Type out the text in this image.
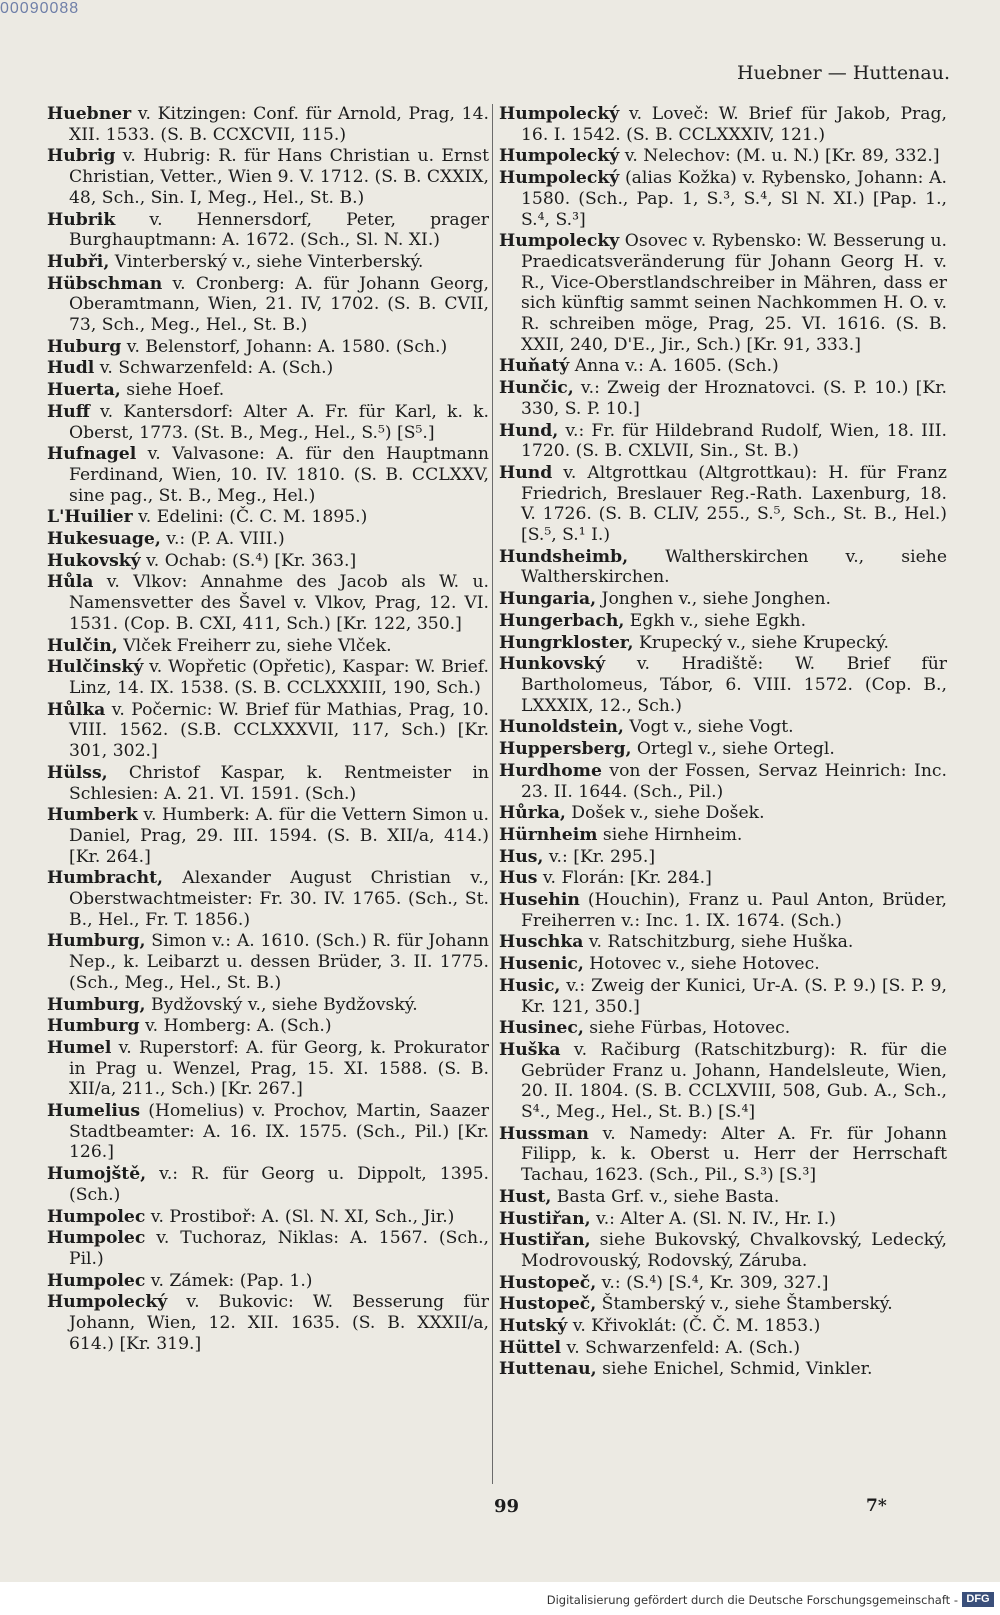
00090088
Huebner — Huttenau.

Huebner v. Kitzingen: Conf. für Arnold, Prag, 14. XII. 1533. (S. B. CCXCVII, 115.)

Hubrig v. Hubrig: R. für Hans Christian u. Ernst Christian, Vetter., Wien 9. V. 1712. (S. B. CXXIX, 48, Sch., Sin. I, Meg., Hel., St. B.)

Hubrik v. Hennersdorf, Peter, prager Burghauptmann: A. 1672. (Sch., Sl. N. XI.)

Hubři, Vinterberský v., siehe Vinterberský.

Hübschman v. Cronberg: A. für Johann Georg, Oberamtmann, Wien, 21. IV, 1702. (S. B. CVII, 73, Sch., Meg., Hel., St. B.)

Huburg v. Belenstorf, Johann: A. 1580. (Sch.)

Hudl v. Schwarzenfeld: A. (Sch.)

Huerta, siehe Hoef.

Huff v. Kantersdorf: Alter A. Fr. für Karl, k. k. Oberst, 1773. (St. B., Meg., Hel., S.⁵) [S⁵.]

Hufnagel v. Valvasone: A. für den Hauptmann Ferdinand, Wien, 10. IV. 1810. (S. B. CCLXXV, sine pag., St. B., Meg., Hel.)

L'Huilier v. Edelini: (Č. C. M. 1895.)

Hukesuage, v.: (P. A. VIII.)

Hukovský v. Ochab: (S.⁴) [Kr. 363.]

Hůla v. Vlkov: Annahme des Jacob als W. u. Namensvetter des Šavel v. Vlkov, Prag, 12. VI. 1531. (Cop. B. CXI, 411, Sch.) [Kr. 122, 350.]

Hulčin, Vlček Freiherr zu, siehe Vlček.

Hulčinský v. Wopřetic (Opřetic), Kaspar: W. Brief. Linz, 14. IX. 1538. (S. B. CCLXXXIII, 190, Sch.)

Hůlka v. Počernic: W. Brief für Mathias, Prag, 10. VIII. 1562. (S.B. CCLXXXVII, 117, Sch.) [Kr. 301, 302.]

Hülss, Christof Kaspar, k. Rentmeister in Schlesien: A. 21. VI. 1591. (Sch.)

Humberk v. Humberk: A. für die Vettern Simon u. Daniel, Prag, 29. III. 1594. (S. B. XII/a, 414.) [Kr. 264.]

Humbracht, Alexander August Christian v., Oberstwachtmeister: Fr. 30. IV. 1765. (Sch., St. B., Hel., Fr. T. 1856.)

Humburg, Simon v.: A. 1610. (Sch.) R. für Johann Nep., k. Leibarzt u. dessen Brüder, 3. II. 1775. (Sch., Meg., Hel., St. B.)

Humburg, Bydžovský v., siehe Bydžovský.

Humburg v. Homberg: A. (Sch.)

Humel v. Ruperstorf: A. für Georg, k. Prokurator in Prag u. Wenzel, Prag, 15. XI. 1588. (S. B. XII/a, 211., Sch.) [Kr. 267.]

Humelius (Homelius) v. Prochov, Martin, Saazer Stadtbeamter: A. 16. IX. 1575. (Sch., Pil.) [Kr. 126.]

Humojště, v.: R. für Georg u. Dippolt, 1395. (Sch.)

Humpolec v. Prostiboř: A. (Sl. N. XI, Sch., Jir.)

Humpolec v. Tuchoraz, Niklas: A. 1567. (Sch., Pil.)

Humpolec v. Zámek: (Pap. 1.)

Humpolecký v. Bukovic: W. Besserung für Johann, Wien, 12. XII. 1635. (S. B. XXXII/a, 614.) [Kr. 319.]

Humpolecký v. Loveč: W. Brief für Jakob, Prag, 16. I. 1542. (S. B. CCLXXXIV, 121.)

Humpolecký v. Nelechov: (M. u. N.) [Kr. 89, 332.]

Humpolecký (alias Kožka) v. Rybensko, Johann: A. 1580. (Sch., Pap. 1, S.³, S.⁴, Sl N. XI.) [Pap. 1., S.⁴, S.³]

Humpolecky Osovec v. Rybensko: W. Besserung u. Praedicatsveränderung für Johann Georg H. v. R., Vice-Oberstlandschreiber in Mähren, dass er sich künftig sammt seinen Nachkommen H. O. v. R. schreiben möge, Prag, 25. VI. 1616. (S. B. XXII, 240, D'E., Jir., Sch.) [Kr. 91, 333.]

Huňatý Anna v.: A. 1605. (Sch.)

Hunčic, v.: Zweig der Hroznatovci. (S. P. 10.) [Kr. 330, S. P. 10.]

Hund, v.: Fr. für Hildebrand Rudolf, Wien, 18. III. 1720. (S. B. CXLVII, Sin., St. B.)

Hund v. Altgrottkau (Altgrottkau): H. für Franz Friedrich, Breslauer Reg.-Rath. Laxenburg, 18. V. 1726. (S. B. CLIV, 255., S.⁵, Sch., St. B., Hel.) [S.⁵, S.¹ I.)

Hundsheimb, Waltherskirchen v., siehe Waltherskirchen.

Hungaria, Jonghen v., siehe Jonghen.

Hungerbach, Egkh v., siehe Egkh.

Hungrkloster, Krupecký v., siehe Krupecký.

Hunkovský v. Hradiště: W. Brief für Bartholomeus, Tábor, 6. VIII. 1572. (Cop. B., LXXXIX, 12., Sch.)

Hunoldstein, Vogt v., siehe Vogt.

Huppersberg, Ortegl v., siehe Ortegl.

Hurdhome von der Fossen, Servaz Heinrich: Inc. 23. II. 1644. (Sch., Pil.)

Hůrka, Došek v., siehe Došek.

Hürnheim siehe Hirnheim.

Hus, v.: [Kr. 295.]

Hus v. Florán: [Kr. 284.]

Husehin (Houchin), Franz u. Paul Anton, Brüder, Freiherren v.: Inc. 1. IX. 1674. (Sch.)

Huschka v. Ratschitzburg, siehe Huška.

Husenic, Hotovec v., siehe Hotovec.

Husic, v.: Zweig der Kunici, Ur-A. (S. P. 9.) [S. P. 9, Kr. 121, 350.]

Husinec, siehe Fürbas, Hotovec.

Huška v. Račiburg (Ratschitzburg): R. für die Gebrüder Franz u. Johann, Handelsleute, Wien, 20. II. 1804. (S. B. CCLXVIII, 508, Gub. A., Sch., S⁴., Meg., Hel., St. B.) [S.⁴]

Hussman v. Namedy: Alter A. Fr. für Johann Filipp, k. k. Oberst u. Herr der Herrschaft Tachau, 1623. (Sch., Pil., S.³) [S.³]

Hust, Basta Grf. v., siehe Basta.

Hustiřan, v.: Alter A. (Sl. N. IV., Hr. I.)

Hustiřan, siehe Bukovský, Chvalkovský, Ledecký, Modrovouský, Rodovský, Záruba.

Hustopeč, v.: (S.⁴) [S.⁴, Kr. 309, 327.]

Hustopeč, Štamberský v., siehe Štamberský.

Hutský v. Křivoklát: (Č. Č. M. 1853.)

Hüttel v. Schwarzenfeld: A. (Sch.)

Huttenau, siehe Enichel, Schmid, Vinkler.

99	7*
Digitalisierung gefördert durch die Deutsche Forschungsgemeinschaft - DFG
